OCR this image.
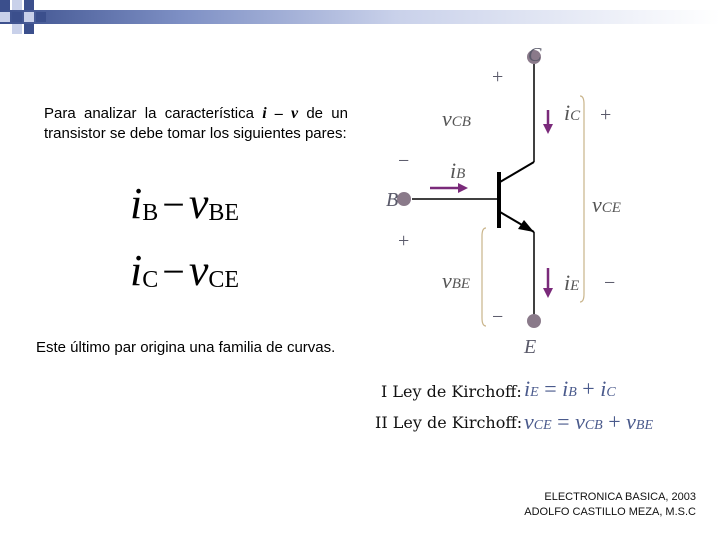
Para analizar la característica i – v de un transistor se debe tomar los siguientes pares:
iB −vBE
iC −vCE
Este último par origina una familia de curvas.
C
B
E
+
+
−
+
−
−
vCB
vBE
vCE
iC
iB
iE
I Ley de Kirchoff: iE = iB + iC
II Ley de Kirchoff: vCE = vCB + vBE
ELECTRONICA BASICA, 2003
ADOLFO CASTILLO MEZA, M.S.C
